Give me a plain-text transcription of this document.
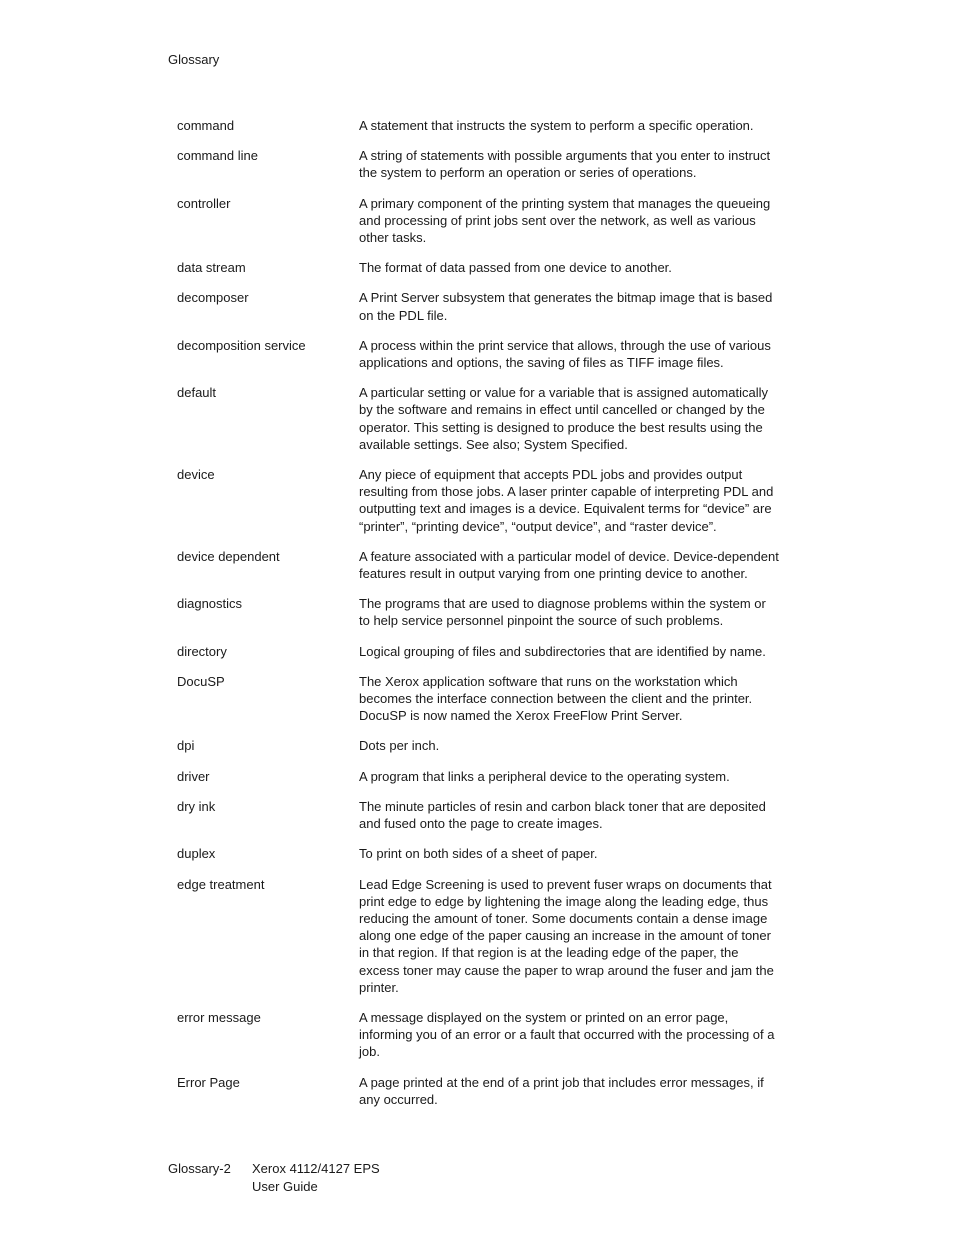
Glossary
command	A statement that instructs the system to perform a specific operation.
command line	A string of statements with possible arguments that you enter to instruct the system to perform an operation or series of operations.
controller	A primary component of the printing system that manages the queueing and processing of print jobs sent over the network, as well as various other tasks.
data stream	The format of data passed from one device to another.
decomposer	A Print Server subsystem that generates the bitmap image that is based on the PDL file.
decomposition service	A process within the print service that allows, through the use of various applications and options, the saving of files as TIFF image files.
default	A particular setting or value for a variable that is assigned automatically by the software and remains in effect until cancelled or changed by the operator. This setting is designed to produce the best results using the available settings. See also; System Specified.
device	Any piece of equipment that accepts PDL jobs and provides output resulting from those jobs. A laser printer capable of interpreting PDL and outputting text and images is a device. Equivalent terms for “device” are “printer”, “printing device”, “output device”, and “raster device”.
device dependent	A feature associated with a particular model of device. Device-dependent features result in output varying from one printing device to another.
diagnostics	The programs that are used to diagnose problems within the system or to help service personnel pinpoint the source of such problems.
directory	Logical grouping of files and subdirectories that are identified by name.
DocuSP	The Xerox application software that runs on the workstation which becomes the interface connection between the client and the printer. DocuSP is now named the Xerox FreeFlow Print Server.
dpi	Dots per inch.
driver	A program that links a peripheral device to the operating system.
dry ink	The minute particles of resin and carbon black toner that are deposited and fused onto the page to create images.
duplex	To print on both sides of a sheet of paper.
edge treatment	Lead Edge Screening is used to prevent fuser wraps on documents that print edge to edge by lightening the image along the leading edge, thus reducing the amount of toner. Some documents contain a dense image along one edge of the paper causing an increase in the amount of toner in that region. If that region is at the leading edge of the paper, the excess toner may cause the paper to wrap around the fuser and jam the printer.
error message	A message displayed on the system or printed on an error page, informing you of an error or a fault that occurred with the processing of a job.
Error Page	A page printed at the end of a print job that includes error messages, if any occurred.
Glossary-2	Xerox 4112/4127 EPS
User Guide
